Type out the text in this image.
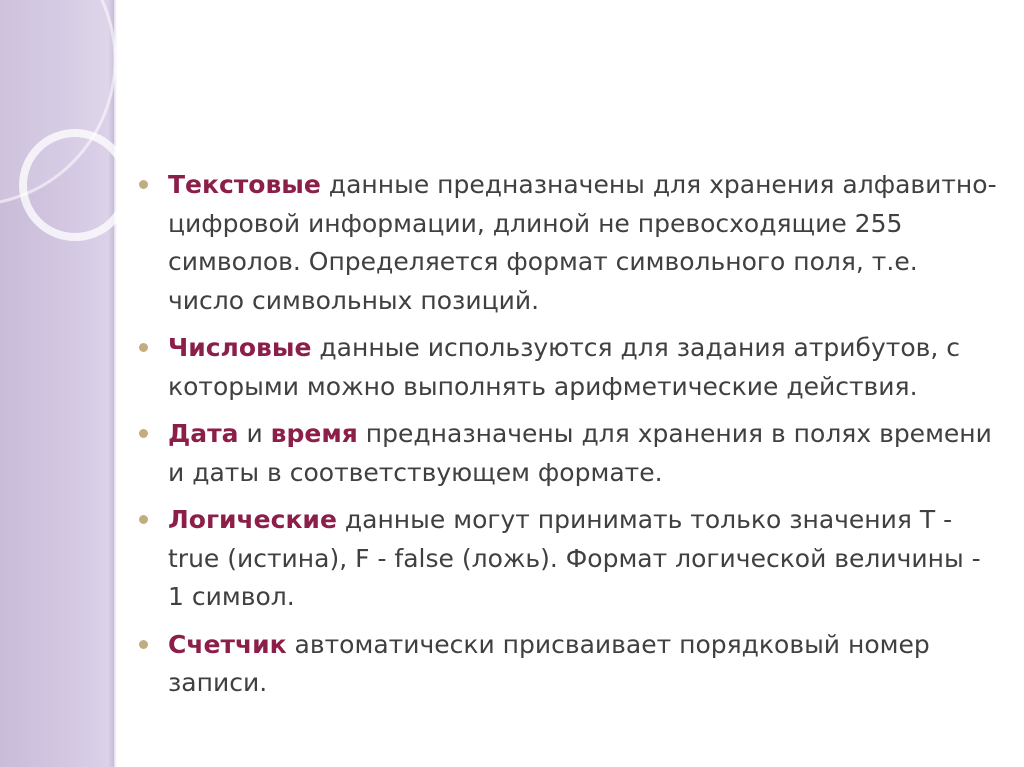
Текстовые данные предназначены для хранения алфавитно-цифровой информации, длиной не превосходящие 255 символов. Определяется формат символьного поля, т.е. число символьных позиций.
Числовые данные используются для задания атрибутов, с которыми можно выполнять арифметические действия.
Дата и время предназначены для хранения в полях времени и даты в соответствующем формате.
Логические данные могут принимать только значения T - true (истина), F - false (ложь). Формат логической величины - 1 символ.
Счетчик автоматически присваивает порядковый номер записи.
